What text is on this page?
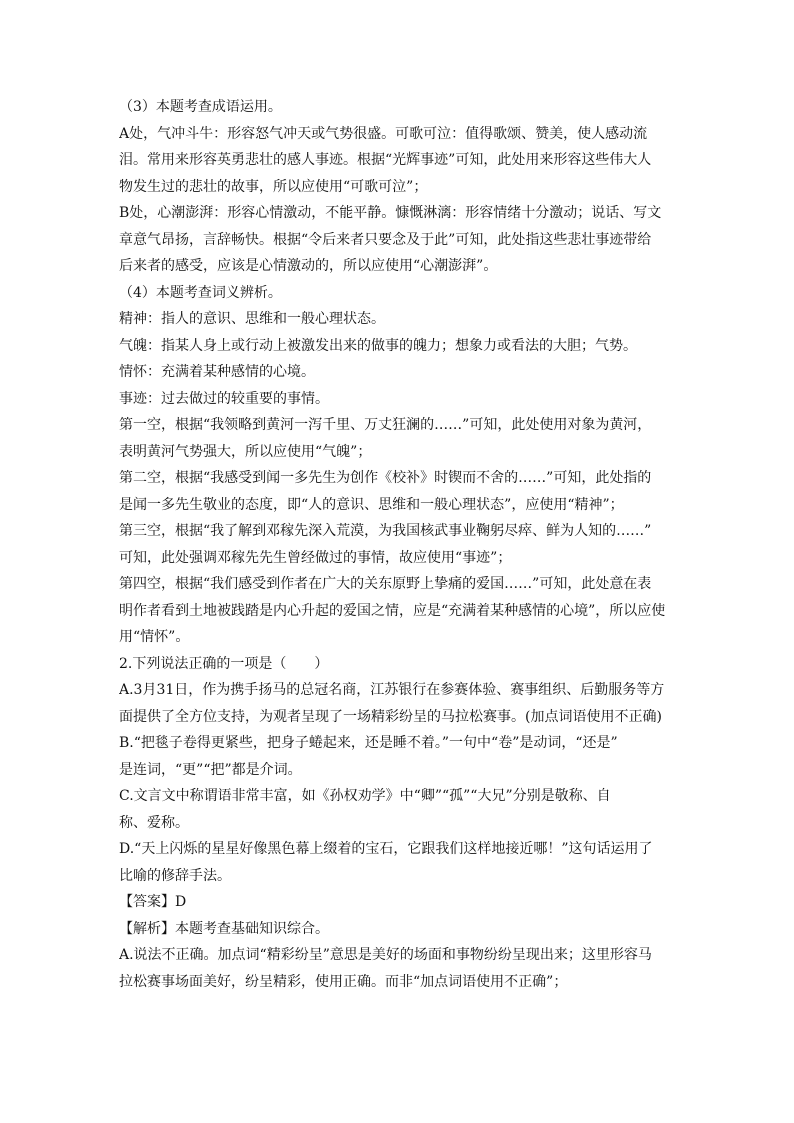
（3）本题考查成语运用。
A处，气冲斗牛：形容怒气冲天或气势很盛。可歌可泣：值得歌颂、赞美，使人感动流
泪。常用来形容英勇悲壮的感人事迹。根据“光辉事迹”可知，此处用来形容这些伟大人
物发生过的悲壮的故事，所以应使用“可歌可泣”；
B处，心潮澎湃：形容心情激动，不能平静。慷慨淋漓：形容情绪十分激动；说话、写文
章意气昂扬，言辞畅快。根据“令后来者只要念及于此”可知，此处指这些悲壮事迹带给
后来者的感受，应该是心情激动的，所以应使用“心潮澎湃”。
（4）本题考查词义辨析。
精神：指人的意识、思维和一般心理状态。
气魄：指某人身上或行动上被激发出来的做事的魄力；想象力或看法的大胆；气势。
情怀：充满着某种感情的心境。
事迹：过去做过的较重要的事情。
第一空，根据“我领略到黄河一泻千里、万丈狂澜的……”可知，此处使用对象为黄河，
表明黄河气势强大，所以应使用“气魄”；
第二空，根据“我感受到闻一多先生为创作《校补》时锲而不舍的……”可知，此处指的
是闻一多先生敬业的态度，即“人的意识、思维和一般心理状态”，应使用“精神”；
第三空，根据“我了解到邓稼先深入荒漠，为我国核武事业鞠躬尽瘁、鲜为人知的……”
可知，此处强调邓稼先先生曾经做过的事情，故应使用“事迹”；
第四空，根据“我们感受到作者在广大的关东原野上挚痛的爱国……”可知，此处意在表
明作者看到土地被践踏是内心升起的爱国之情，应是“充满着某种感情的心境”，所以应使
用“情怀”。
2.下列说法正确的一项是（　　）
A.3月31日，作为携手扬马的总冠名商，江苏银行在参赛体验、赛事组织、后勤服务等方
面提供了全方位支持，为观者呈现了一场精彩纷呈的马拉松赛事。(加点词语使用不正确)
B.“把毯子卷得更紧些，把身子蜷起来，还是睡不着。”一句中“卷”是动词，“还是”
是连词，“更”“把”都是介词。
C.文言文中称谓语非常丰富，如《孙权劝学》中“卿”“孤”“大兄”分别是敬称、自
称、爱称。
D.“天上闪烁的星星好像黑色幕上缀着的宝石，它跟我们这样地接近哪！”这句话运用了
比喻的修辞手法。
【答案】D
【解析】本题考查基础知识综合。
A.说法不正确。加点词“精彩纷呈”意思是美好的场面和事物纷纷呈现出来；这里形容马
拉松赛事场面美好，纷呈精彩，使用正确。而非“加点词语使用不正确”；
